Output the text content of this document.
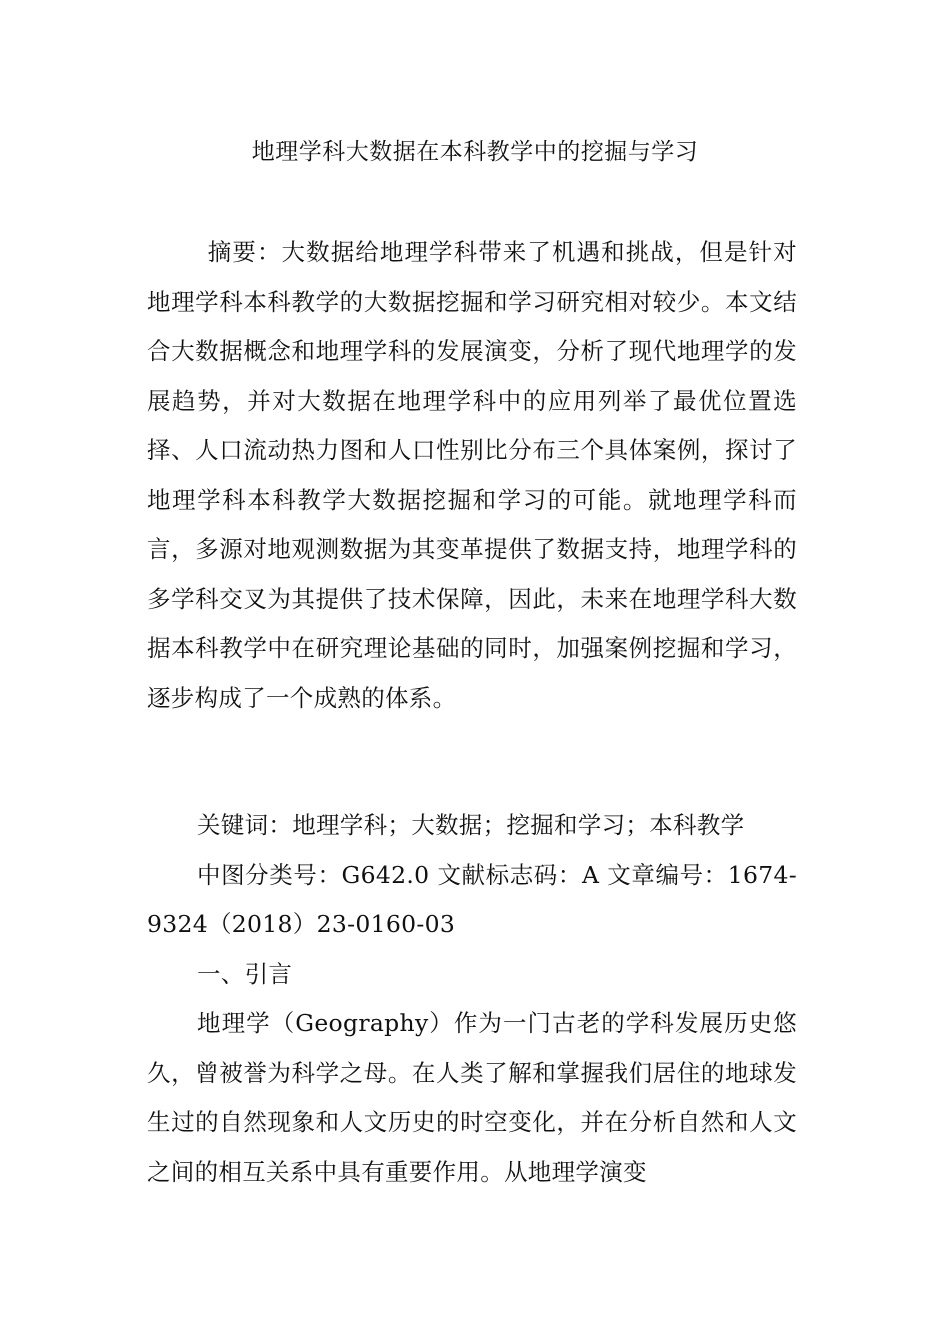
地理学科大数据在本科教学中的挖掘与学习

摘要：大数据给地理学科带来了机遇和挑战，但是针对地理学科本科教学的大数据挖掘和学习研究相对较少。本文结合大数据概念和地理学科的发展演变，分析了现代地理学的发展趋势，并对大数据在地理学科中的应用列举了最优位置选择、人口流动热力图和人口性别比分布三个具体案例，探讨了地理学科本科教学大数据挖掘和学习的可能。就地理学科而言，多源对地观测数据为其变革提供了数据支持，地理学科的多学科交叉为其提供了技术保障，因此，未来在地理学科大数据本科教学中在研究理论基础的同时，加强案例挖掘和学习，逐步构成了一个成熟的体系。

关键词：地理学科；大数据；挖掘和学习；本科教学

中图分类号：G642.0 文献标志码：A 文章编号：1674-9324（2018）23-0160-03

一、引言

地理学（Geography）作为一门古老的学科发展历史悠久，曾被誉为科学之母。在人类了解和掌握我们居住的地球发生过的自然现象和人文历史的时空变化，并在分析自然和人文之间的相互关系中具有重要作用。从地理学演变
